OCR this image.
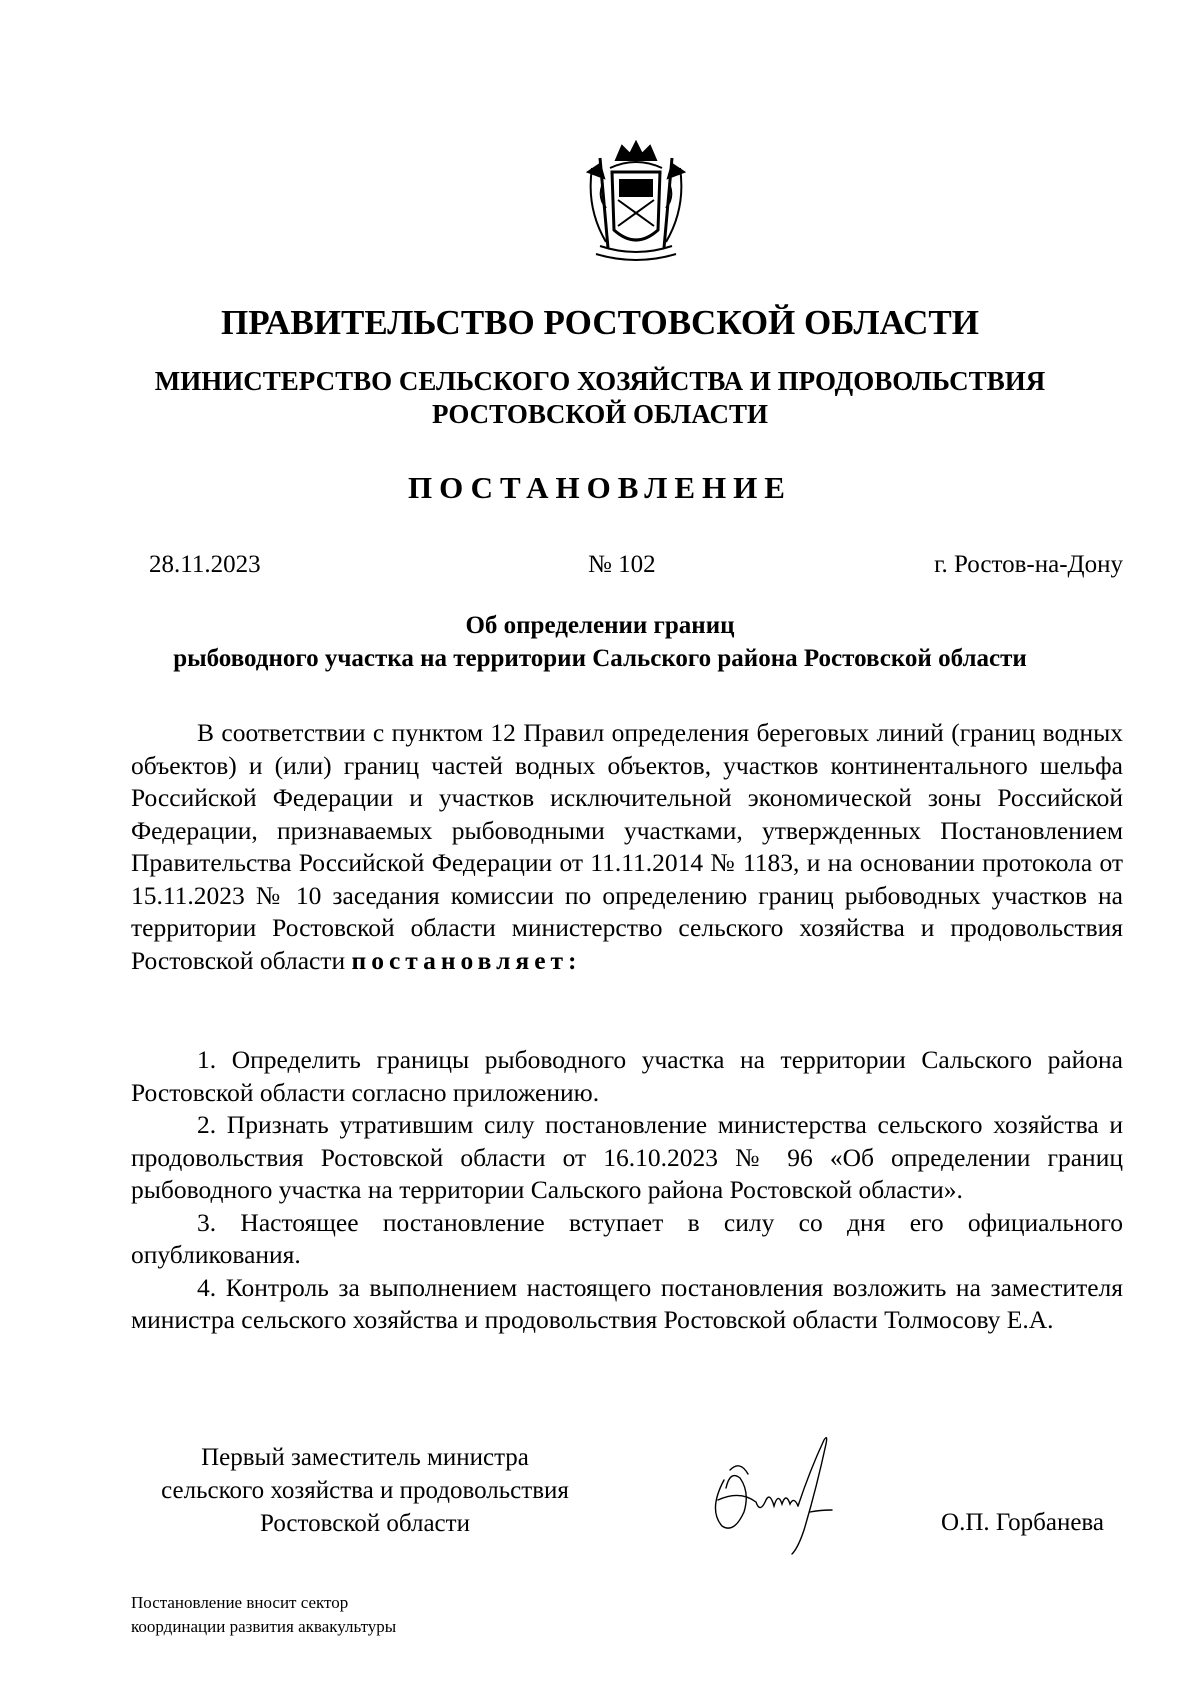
ПРАВИТЕЛЬСТВО РОСТОВСКОЙ ОБЛАСТИ
МИНИСТЕРСТВО СЕЛЬСКОГО ХОЗЯЙСТВА И ПРОДОВОЛЬСТВИЯ
РОСТОВСКОЙ ОБЛАСТИ
ПОСТАНОВЛЕНИЕ
28.11.2023	№ 102	г. Ростов-на-Дону
Об определении границ
рыбоводного участка на территории Сальского района Ростовской области

В соответствии с пунктом 12 Правил определения береговых линий (границ водных объектов) и (или) границ частей водных объектов, участков континентального шельфа Российской Федерации и участков исключительной экономической зоны Российской Федерации, признаваемых рыбоводными участками, утвержденных Постановлением Правительства Российской Федерации от 11.11.2014 № 1183, и на основании протокола от 15.11.2023 № 10 заседания комиссии по определению границ рыбоводных участков на территории Ростовской области министерство сельского хозяйства и продовольствия Ростовской области постановляет:

1. Определить границы рыбоводного участка на территории Сальского района Ростовской области согласно приложению.

2. Признать утратившим силу постановление министерства сельского хозяйства и продовольствия Ростовской области от 16.10.2023 № 96 «Об определении границ рыбоводного участка на территории Сальского района Ростовской области».

3. Настоящее постановление вступает в силу со дня его официального опубликования.

4. Контроль за выполнением настоящего постановления возложить на заместителя министра сельского хозяйства и продовольствия Ростовской области Толмосову Е.А.

Первый заместитель министра
сельского хозяйства и продовольствия
Ростовской области	О.П. Горбанева
Постановление вносит сектор
координации развития аквакультуры
